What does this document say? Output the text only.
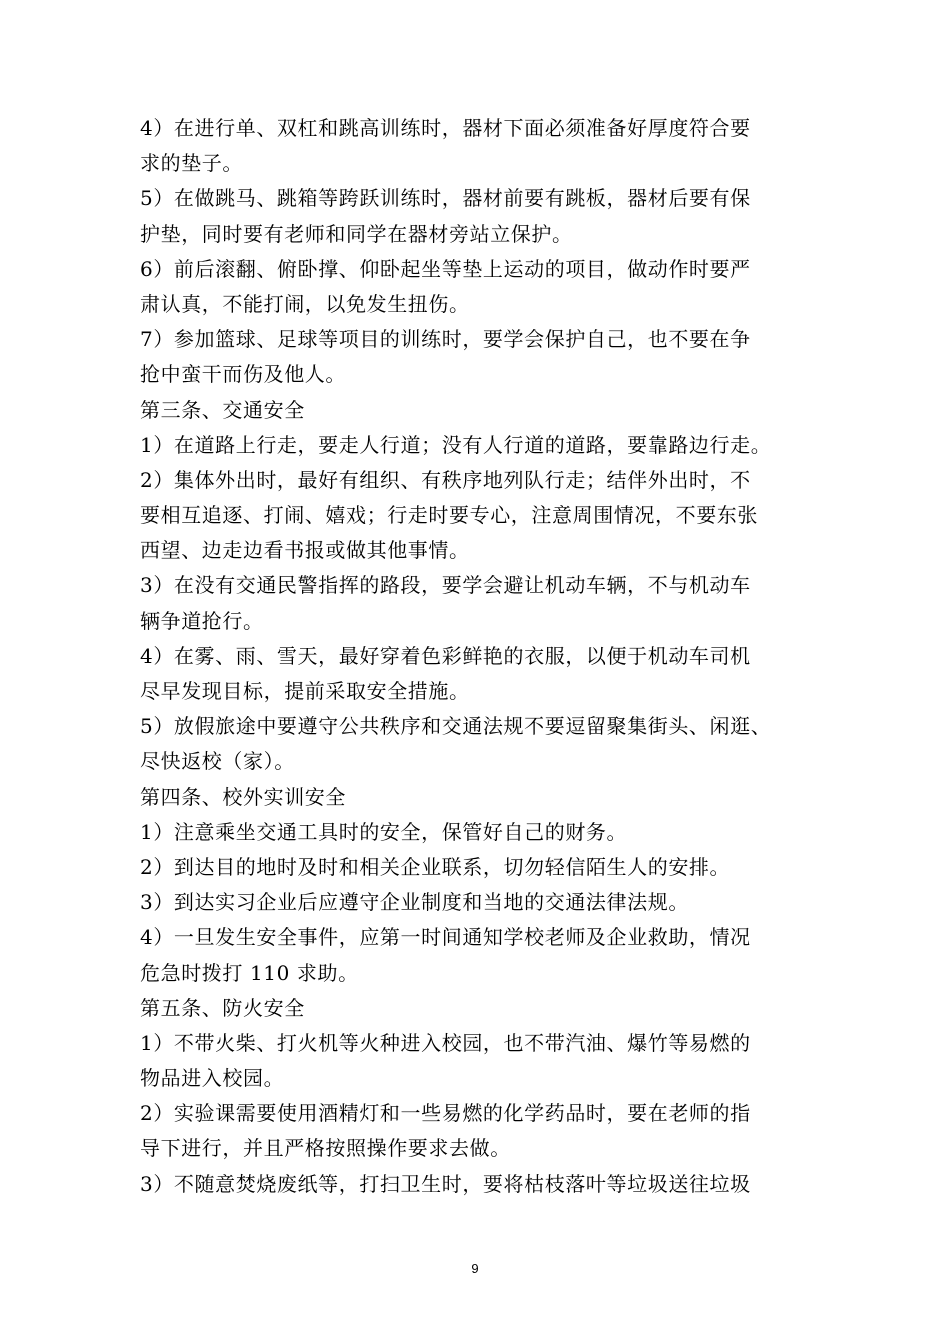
4）在进行单、双杠和跳高训练时，器材下面必须准备好厚度符合要
求的垫子。
5）在做跳马、跳箱等跨跃训练时，器材前要有跳板，器材后要有保
护垫，同时要有老师和同学在器材旁站立保护。
6）前后滚翻、俯卧撑、仰卧起坐等垫上运动的项目，做动作时要严
肃认真，不能打闹，以免发生扭伤。
7）参加篮球、足球等项目的训练时，要学会保护自己，也不要在争
抢中蛮干而伤及他人。
第三条、交通安全
1）在道路上行走，要走人行道；没有人行道的道路，要靠路边行走。
2）集体外出时，最好有组织、有秩序地列队行走；结伴外出时，不
要相互追逐、打闹、嬉戏；行走时要专心，注意周围情况，不要东张
西望、边走边看书报或做其他事情。
3）在没有交通民警指挥的路段，要学会避让机动车辆，不与机动车
辆争道抢行。
4）在雾、雨、雪天，最好穿着色彩鲜艳的衣服，以便于机动车司机
尽早发现目标，提前采取安全措施。
5）放假旅途中要遵守公共秩序和交通法规不要逗留聚集街头、闲逛、
尽快返校（家）。
第四条、校外实训安全
1）注意乘坐交通工具时的安全，保管好自己的财务。
2）到达目的地时及时和相关企业联系，切勿轻信陌生人的安排。
3）到达实习企业后应遵守企业制度和当地的交通法律法规。
4）一旦发生安全事件，应第一时间通知学校老师及企业救助，情况
危急时拨打 110 求助。
第五条、防火安全
1）不带火柴、打火机等火种进入校园，也不带汽油、爆竹等易燃的
物品进入校园。
2）实验课需要使用酒精灯和一些易燃的化学药品时，要在老师的指
导下进行，并且严格按照操作要求去做。
3）不随意焚烧废纸等，打扫卫生时，要将枯枝落叶等垃圾送往垃圾
9
